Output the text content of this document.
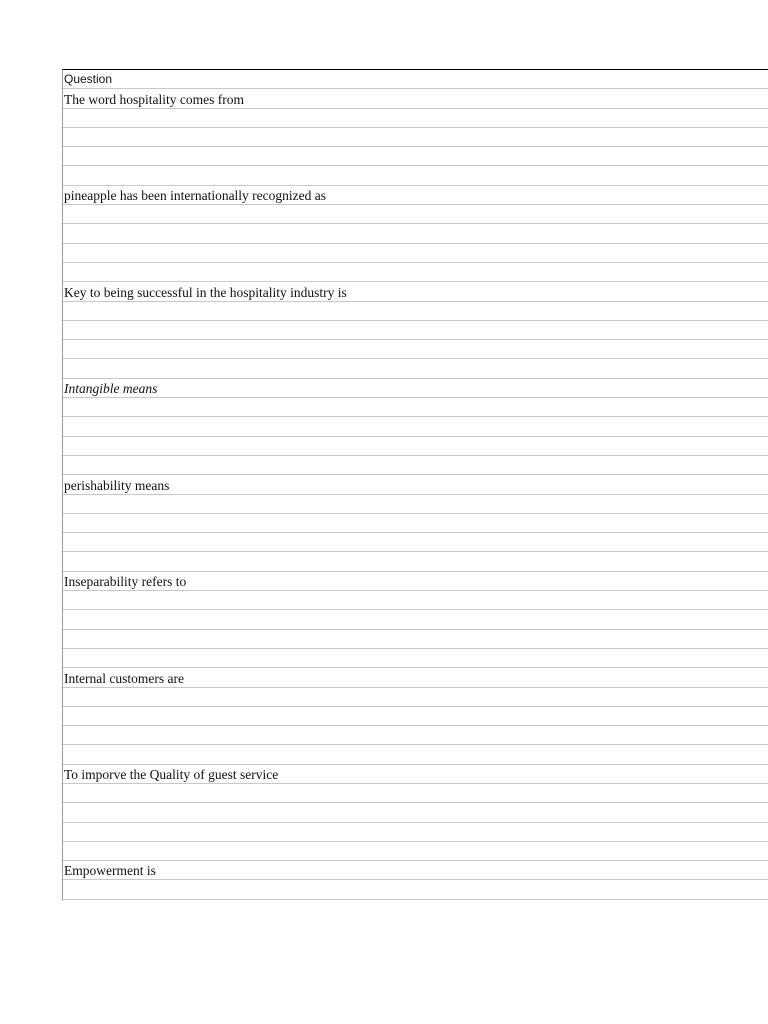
Question
The word hospitality comes from
pineapple has been internationally recognized as
Key to being successful in the hospitality industry is
Intangible means
perishability means
Inseparability refers to
Internal customers are
To imporve the Quality of guest service
Empowerment is
